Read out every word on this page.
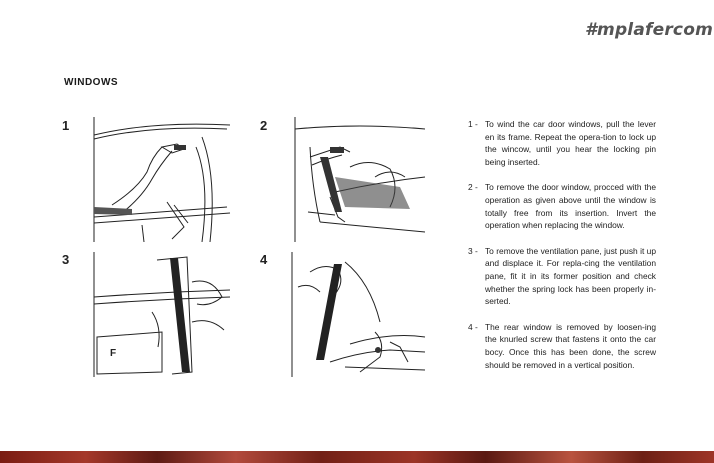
#mplafercom
WINDOWS
1	2
3	4
F
1 - To wind the car door windows, pull the lever en its frame. Repeat the opera-tion to lock up the wincow, until you hear the locking pin being inserted.
2 - To remove the door window, procced with the operation as given above until the window is totally free from its insertion. Invert the operation when replacing the window.
3 - To remove the ventilation pane, just push it up and displace it. For repla-cing the ventilation pane, fit it in its former position and check whether the spring lock has been properly in-serted.
4 - The rear window is removed by loosen-ing the knurled screw that fastens it onto the car bocy. Once this has been done, the screw should be removed in a vertical position.
